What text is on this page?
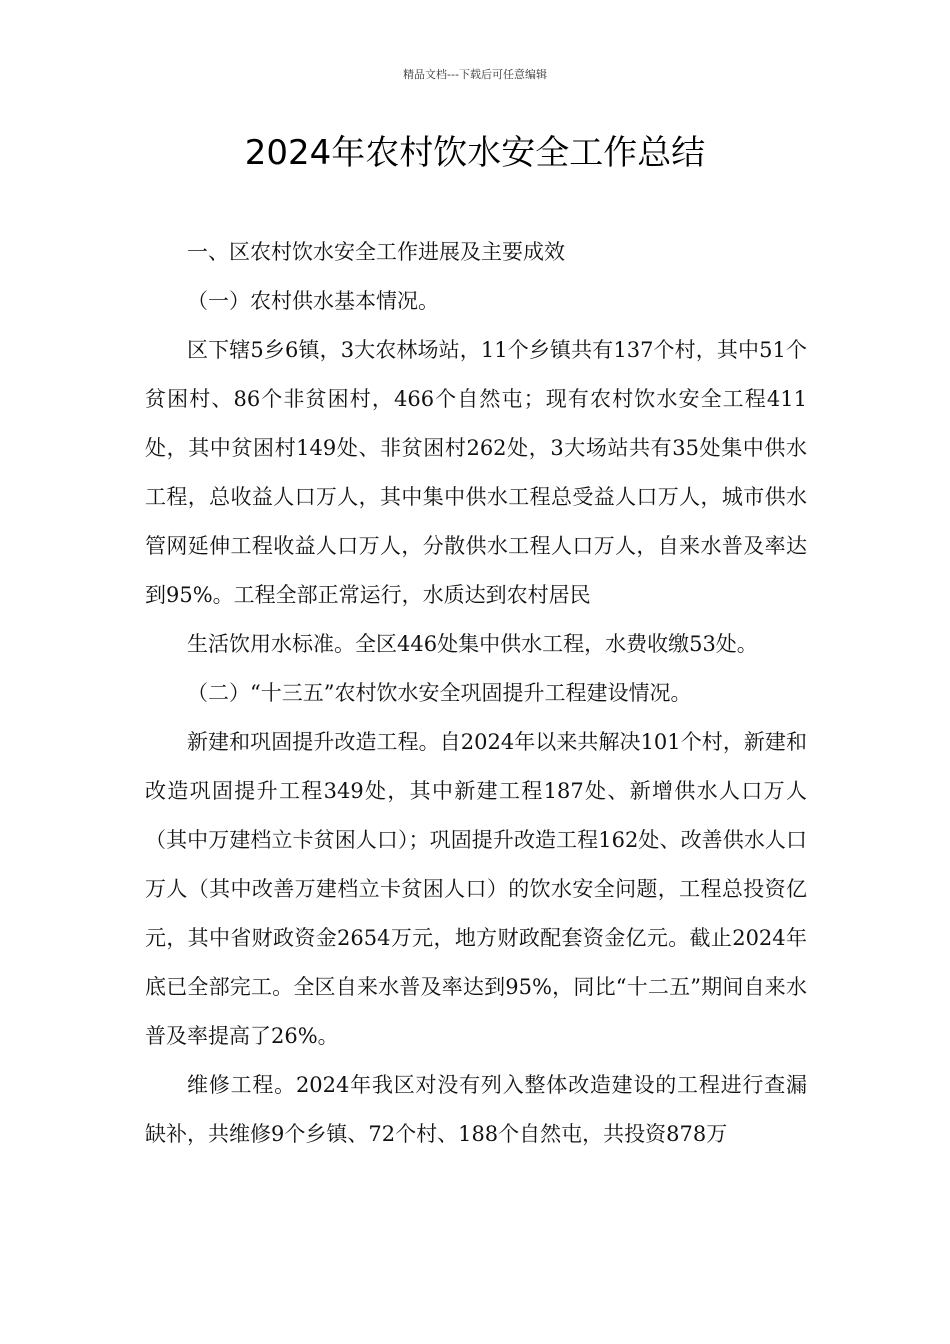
精品文档---下载后可任意编辑
2024年农村饮水安全工作总结

一、区农村饮水安全工作进展及主要成效

（一）农村供水基本情况。

区下辖5乡6镇，3大农林场站，11个乡镇共有137个村，其中51个贫困村、86个非贫困村，466个自然屯；现有农村饮水安全工程411处，其中贫困村149处、非贫困村262处，3大场站共有35处集中供水工程，总收益人口万人，其中集中供水工程总受益人口万人，城市供水管网延伸工程收益人口万人，分散供水工程人口万人，自来水普及率达到95%。工程全部正常运行，水质达到农村居民

生活饮用水标准。全区446处集中供水工程，水费收缴53处。

（二）“十三五”农村饮水安全巩固提升工程建设情况。

新建和巩固提升改造工程。自2024年以来共解决101个村，新建和改造巩固提升工程349处，其中新建工程187处、新增供水人口万人（其中万建档立卡贫困人口）；巩固提升改造工程162处、改善供水人口万人（其中改善万建档立卡贫困人口）的饮水安全问题，工程总投资亿元，其中省财政资金2654万元，地方财政配套资金亿元。截止2024年底已全部完工。全区自来水普及率达到95%，同比“十二五”期间自来水普及率提高了26%。

维修工程。2024年我区对没有列入整体改造建设的工程进行查漏缺补，共维修9个乡镇、72个村、188个自然屯，共投资878万
